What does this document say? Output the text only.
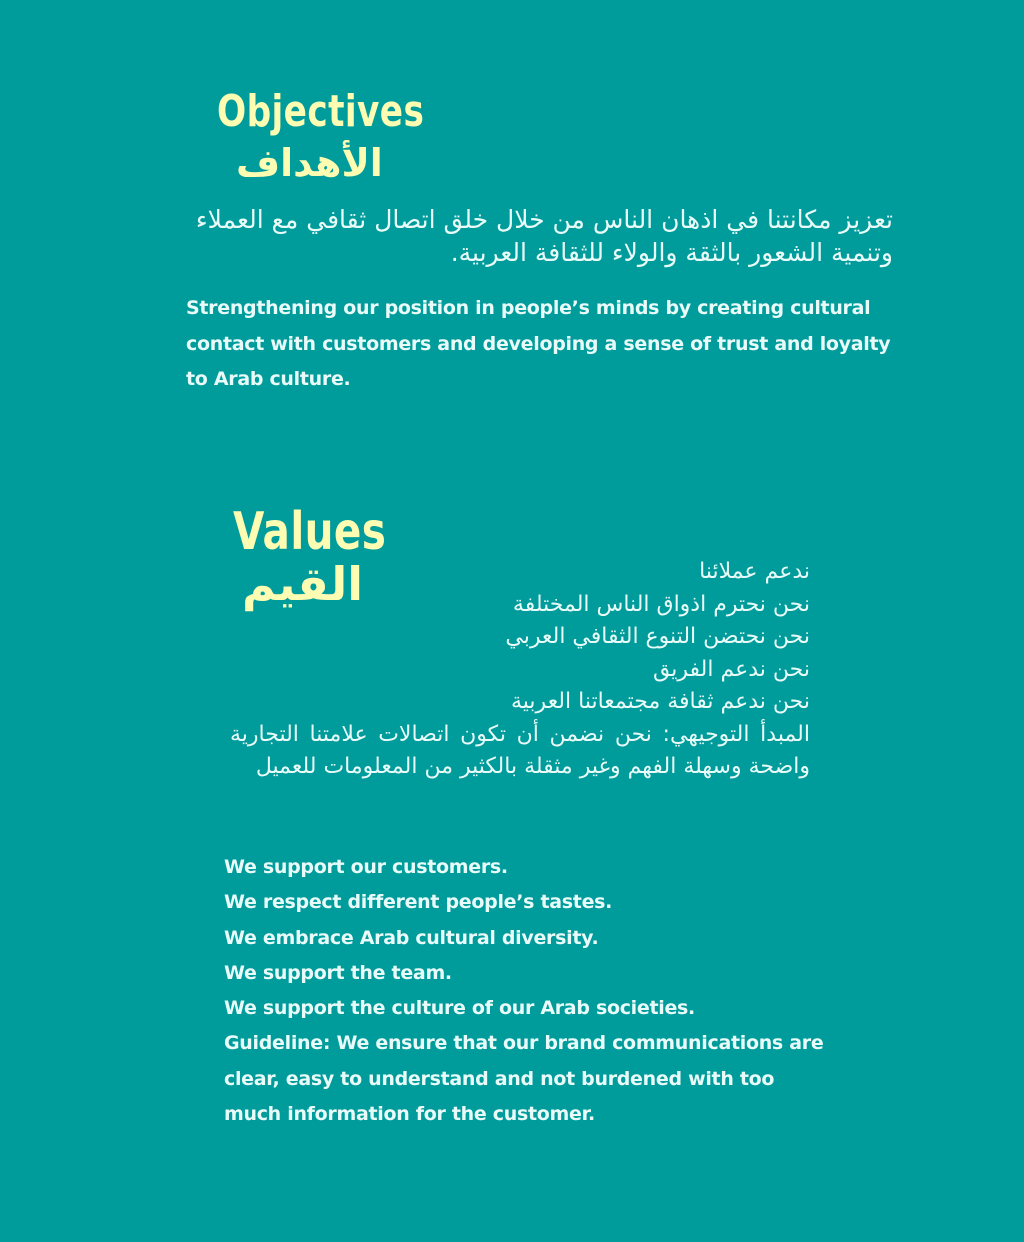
Objectives
الأهداف

تعزيز مكانتنا في اذهان الناس من خلال خلق اتصال ثقافي مع العملاء وتنمية الشعور بالثقة والولاء للثقافة العربية.

Strengthening our position in people’s minds by creating cultural contact with customers and developing a sense of trust and loyalty to Arab culture.

Values
القيم	ندعم عملائنا
نحن نحترم اذواق الناس المختلفة
نحن نحتضن التنوع الثقافي العربي
نحن ندعم الفريق
نحن ندعم ثقافة مجتمعاتنا العربية
المبدأ التوجيهي: نحن نضمن أن تكون اتصالات علامتنا التجارية واضحة وسهلة الفهم وغير مثقلة بالكثير من المعلومات للعميل
We support our customers.
We respect different people’s tastes.
We embrace Arab cultural diversity.
We support the team.
We support the culture of our Arab societies.
Guideline: We ensure that our brand communications are clear, easy to understand and not burdened with too much information for the customer.
